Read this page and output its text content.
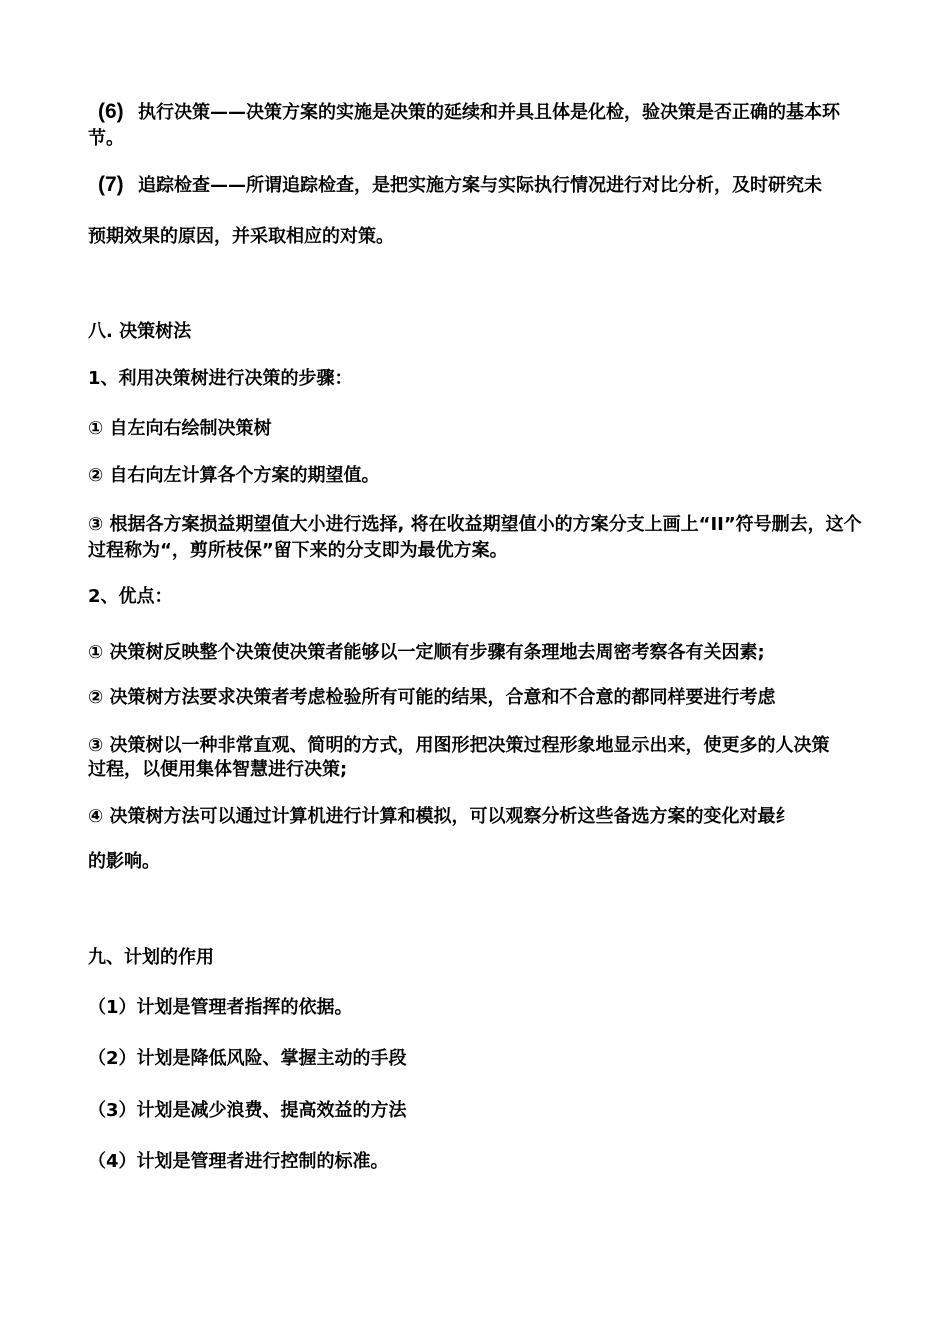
(6) 执行决策——决策方案的实施是决策的延续和并具且体是化检，验决策是否正确的基本环
节。
(7) 追踪检查——所谓追踪检查，是把实施方案与实际执行情况进行对比分析，及时研究未
预期效果的原因，并采取相应的对策。
八. 决策树法
1、利用决策树进行决策的步骤：
① 自左向右绘制决策树
② 自右向左计算各个方案的期望值。
③ 根据各方案损益期望值大小进行选择, 将在收益期望值小的方案分支上画上“II”符号删去，这个
过程称为“，剪所枝保”留下来的分支即为最优方案。
2、优点：
① 决策树反映整个决策使决策者能够以一定顺有步骤有条理地去周密考察各有关因素;
② 决策树方法要求决策者考虑检验所有可能的结果，合意和不合意的都同样要进行考虑
③ 决策树以一种非常直观、简明的方式，用图形把决策过程形象地显示出来，使更多的人决策
过程，以便用集体智慧进行决策;
④ 决策树方法可以通过计算机进行计算和模拟，可以观察分析这些备选方案的变化对最纟
的影响。
九、计划的作用
（1）计划是管理者指挥的依据。
（2）计划是降低风险、掌握主动的手段
（3）计划是减少浪费、提高效益的方法
（4）计划是管理者进行控制的标准。
